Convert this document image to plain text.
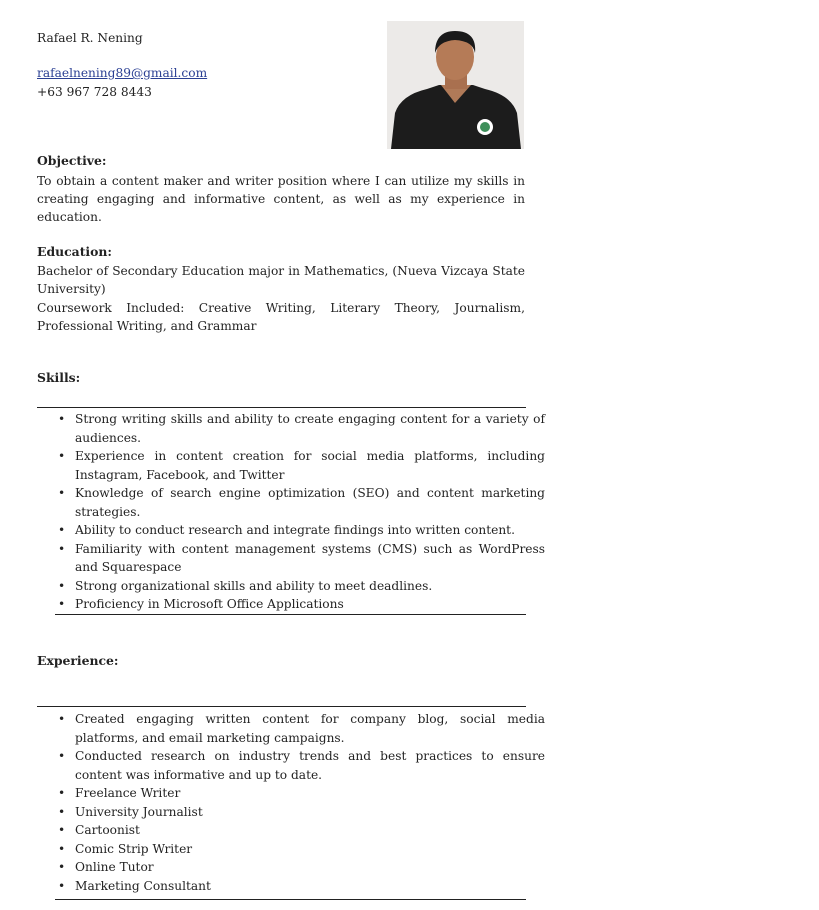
Rafael R. Nening
rafaelnening89@gmail.com
+63 967 728 8443
Objective:

To obtain a content maker and writer position where I can utilize my skills in creating engaging and informative content, as well as my experience in education.

Education:

Bachelor of Secondary Education major in Mathematics, (Nueva Vizcaya State University)

Coursework Included: Creative Writing, Literary Theory, Journalism, Professional Writing, and Grammar

Skills:
• Strong writing skills and ability to create engaging content for a variety of audiences.
• Experience in content creation for social media platforms, including Instagram, Facebook, and Twitter
• Knowledge of search engine optimization (SEO) and content marketing strategies.
• Ability to conduct research and integrate findings into written content.
• Familiarity with content management systems (CMS) such as WordPress and Squarespace
• Strong organizational skills and ability to meet deadlines.
• Proficiency in Microsoft Office Applications
Experience:
• Created engaging written content for company blog, social media platforms, and email marketing campaigns.
• Conducted research on industry trends and best practices to ensure content was informative and up to date.
• Freelance Writer
• University Journalist
• Cartoonist
• Comic Strip Writer
• Online Tutor
• Marketing Consultant
